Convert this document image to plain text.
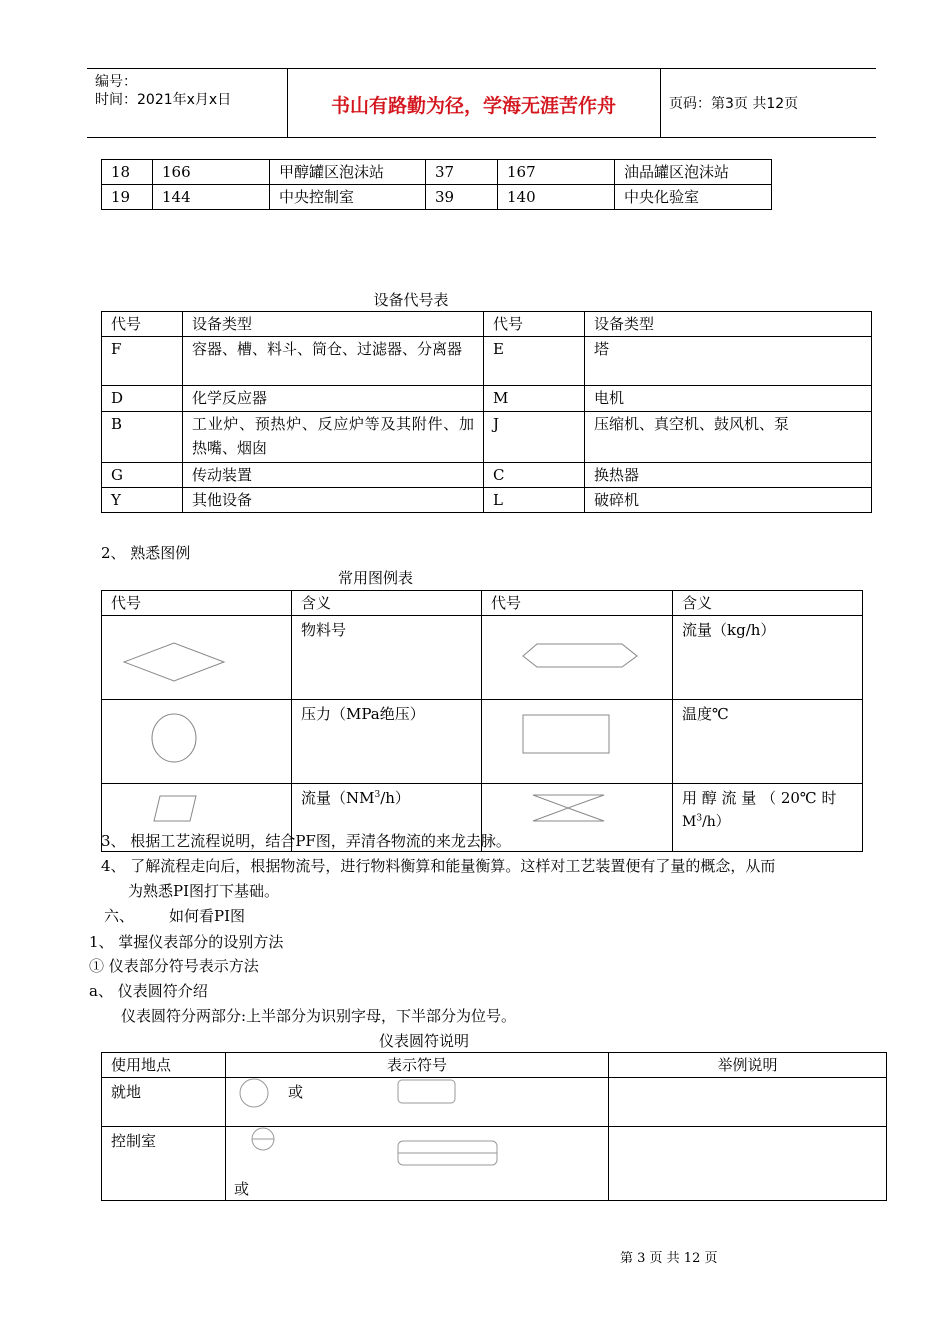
编号：
时间：2021年x月x日	书山有路勤为径，学海无涯苦作舟	页码：第3页 共12页
18	166	甲醇罐区泡沫站	37	167	油品罐区泡沫站
19	144	中央控制室	39	140	中央化验室
设备代号表
代号	设备类型	代号	设备类型
F	容器、槽、料斗、筒仓、过滤器、分离器	E	塔
D	化学反应器	M	电机
B	工业炉、预热炉、反应炉等及其附件、加热嘴、烟囱	J	压缩机、真空机、鼓风机、泵
G	传动装置	C	换热器
Y	其他设备	L	破碎机
2、 熟悉图例
常用图例表
代号	含义	代号	含义
	物料号		流量（kg/h）
	压力（MPa绝压）		温度℃
	流量$(NM^3/h)$		用 醇 流 量 （ 20℃ 时
$M^3/h$）
3、 根据工艺流程说明，结合PF图，弄清各物流的来龙去脉。
4、 了解流程走向后，根据物流号，进行物料衡算和能量衡算。这样对工艺装置便有了量的概念，从而
为熟悉PI图打下基础。
六、 如何看PI图
1、 掌握仪表部分的设别方法
① 仪表部分符号表示方法
a、 仪表圆符介绍
仪表圆符分两部分:上半部分为识别字母，下半部分为位号。
仪表圆符说明
使用地点	表示符号	举例说明
就地	或	

控制室	或	

第 3 页 共 12 页
